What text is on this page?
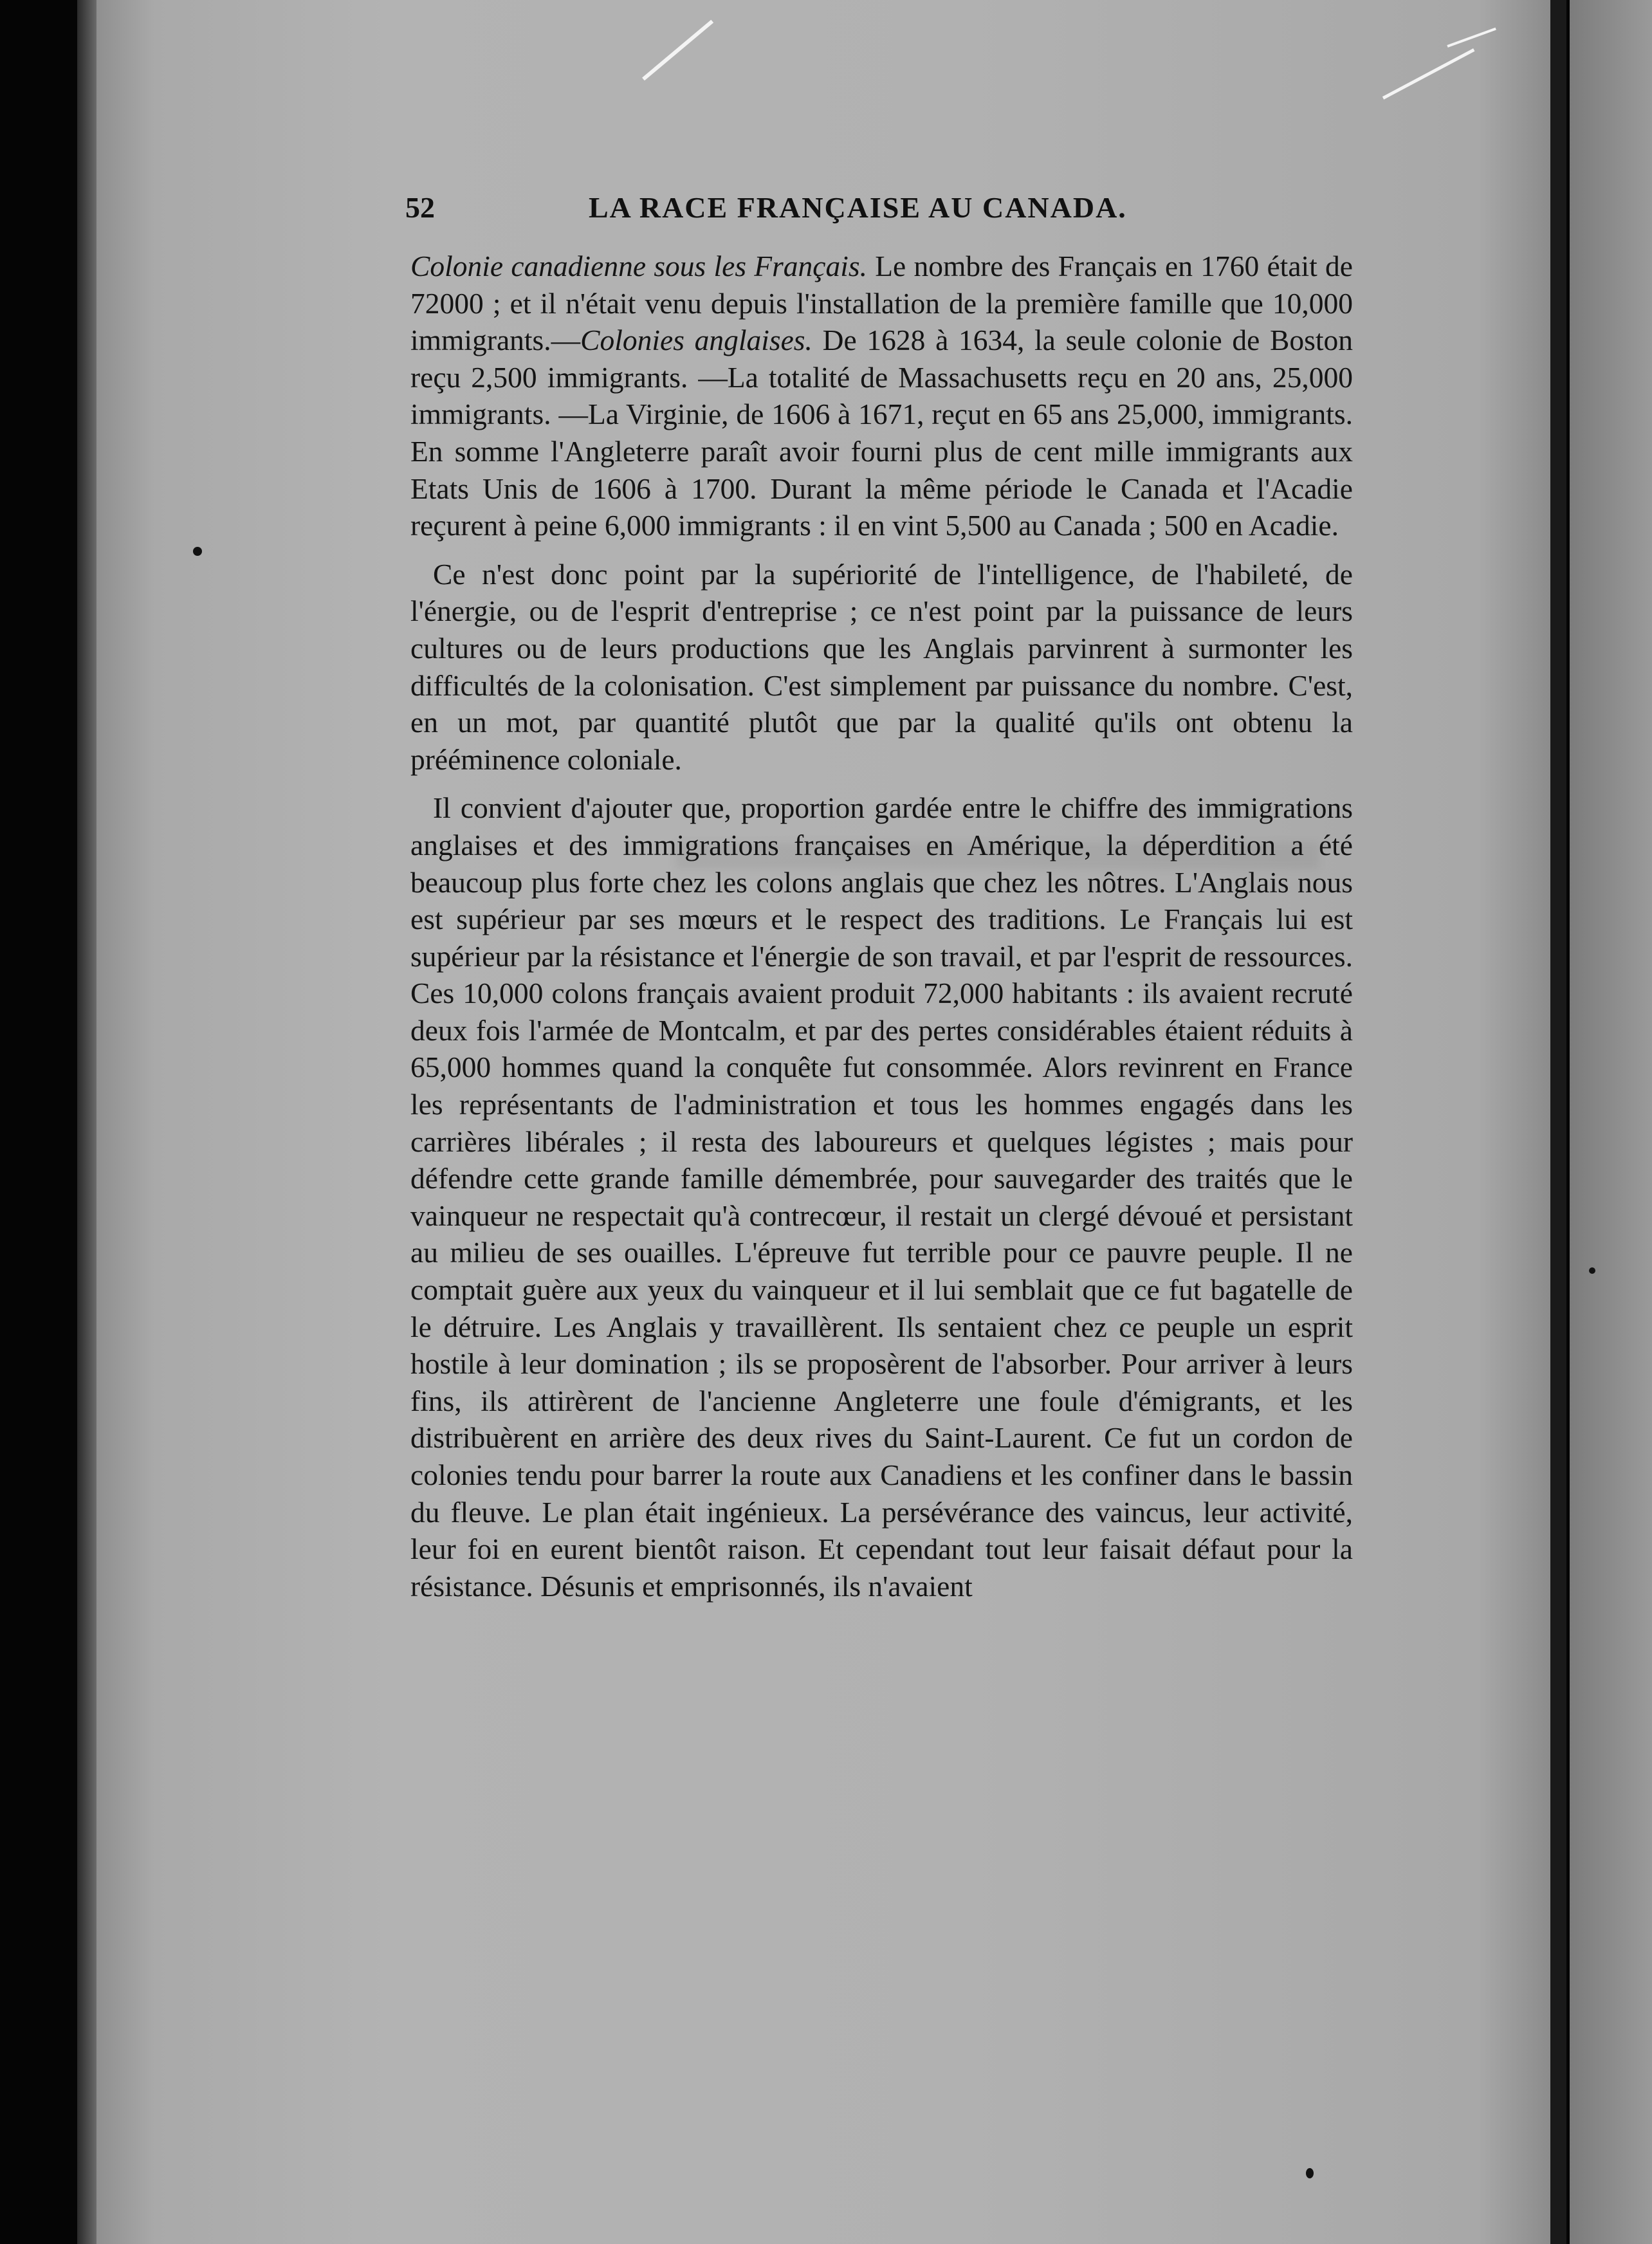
52	LA RACE FRANÇAISE AU CANADA.

Colonie canadienne sous les Français. Le nombre des Français en 1760 était de 72000 ; et il n'était venu depuis l'installation de la première famille que 10,000 immigrants.—Colonies anglaises. De 1628 à 1634, la seule colonie de Boston reçu 2,500 immigrants. —La totalité de Massachusetts reçu en 20 ans, 25,000 immigrants. —La Virginie, de 1606 à 1671, reçut en 65 ans 25,000, immigrants. En somme l'Angleterre paraît avoir fourni plus de cent mille immigrants aux Etats Unis de 1606 à 1700. Durant la même période le Canada et l'Acadie reçurent à peine 6,000 immigrants : il en vint 5,500 au Canada ; 500 en Acadie.

Ce n'est donc point par la supériorité de l'intelligence, de l'habileté, de l'énergie, ou de l'esprit d'entreprise ; ce n'est point par la puissance de leurs cultures ou de leurs productions que les Anglais parvinrent à surmonter les difficultés de la colonisation. C'est simplement par puissance du nombre. C'est, en un mot, par quantité plutôt que par la qualité qu'ils ont obtenu la prééminence coloniale.

Il convient d'ajouter que, proportion gardée entre le chiffre des immigrations anglaises et des immigrations françaises en Amérique, la déperdition a été beaucoup plus forte chez les colons anglais que chez les nôtres. L'Anglais nous est supérieur par ses mœurs et le respect des traditions. Le Français lui est supérieur par la résistance et l'énergie de son travail, et par l'esprit de ressources. Ces 10,000 colons français avaient produit 72,000 habitants : ils avaient recruté deux fois l'armée de Montcalm, et par des pertes considérables étaient réduits à 65,000 hommes quand la conquête fut consommée. Alors revinrent en France les représentants de l'administration et tous les hommes engagés dans les carrières libérales ; il resta des laboureurs et quelques légistes ; mais pour défendre cette grande famille démembrée, pour sauvegarder des traités que le vainqueur ne respectait qu'à contrecœur, il restait un clergé dévoué et persistant au milieu de ses ouailles. L'épreuve fut terrible pour ce pauvre peuple. Il ne comptait guère aux yeux du vainqueur et il lui semblait que ce fut bagatelle de le détruire. Les Anglais y travaillèrent. Ils sentaient chez ce peuple un esprit hostile à leur domination ; ils se proposèrent de l'absorber. Pour arriver à leurs fins, ils attirèrent de l'ancienne Angleterre une foule d'émigrants, et les distribuèrent en arrière des deux rives du Saint-Laurent. Ce fut un cordon de colonies tendu pour barrer la route aux Canadiens et les confiner dans le bassin du fleuve. Le plan était ingénieux. La persévérance des vaincus, leur activité, leur foi en eurent bientôt raison. Et cependant tout leur faisait défaut pour la résistance. Désunis et emprisonnés, ils n'avaient
